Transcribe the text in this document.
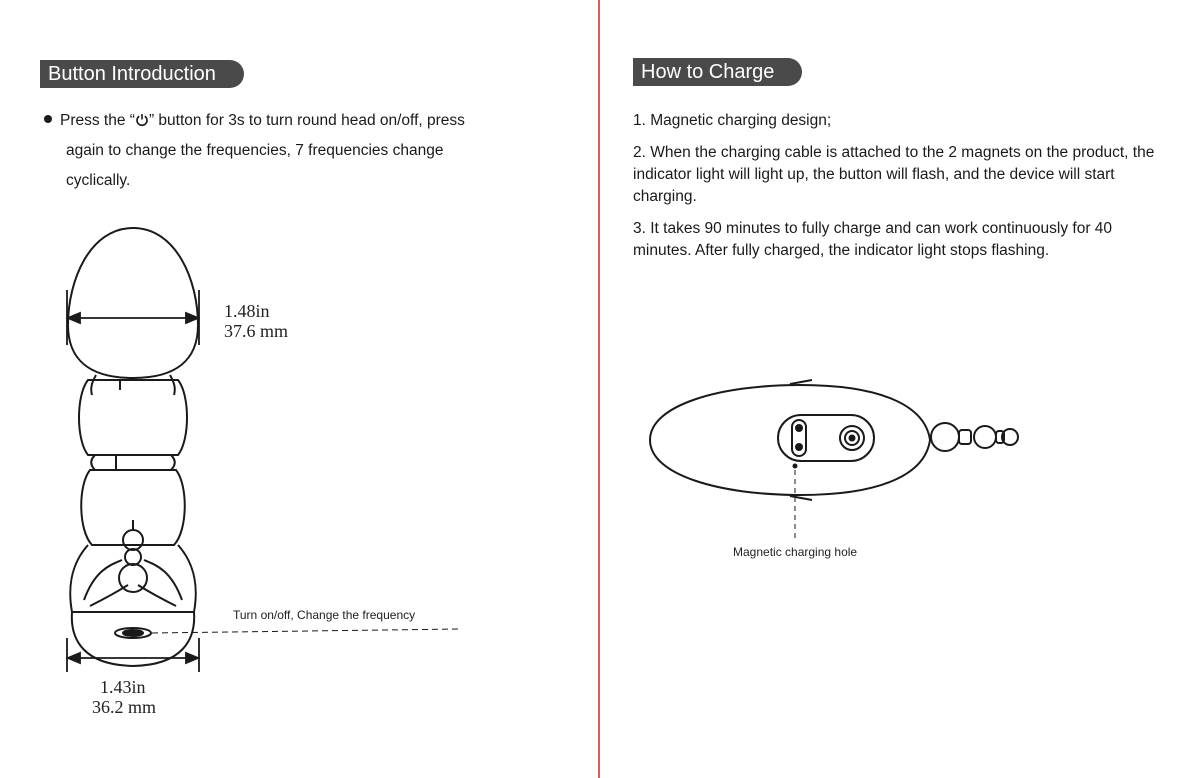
Button Introduction
Press the “ ” button for 3s to turn round head on/off, press
again to change the frequencies, 7 frequencies change
cyclically.
1.48in
37.6 mm
1.43in
36.2 mm
Turn on/off, Change the frequency
How to Charge

1. Magnetic charging design;

2. When the charging cable is attached to the 2 magnets on the product, the indicator light will light up, the button will flash, and the device will start charging.

3. It takes 90 minutes to fully charge and can work continuously for 40 minutes. After fully charged, the indicator light stops flashing.

Magnetic charging hole
